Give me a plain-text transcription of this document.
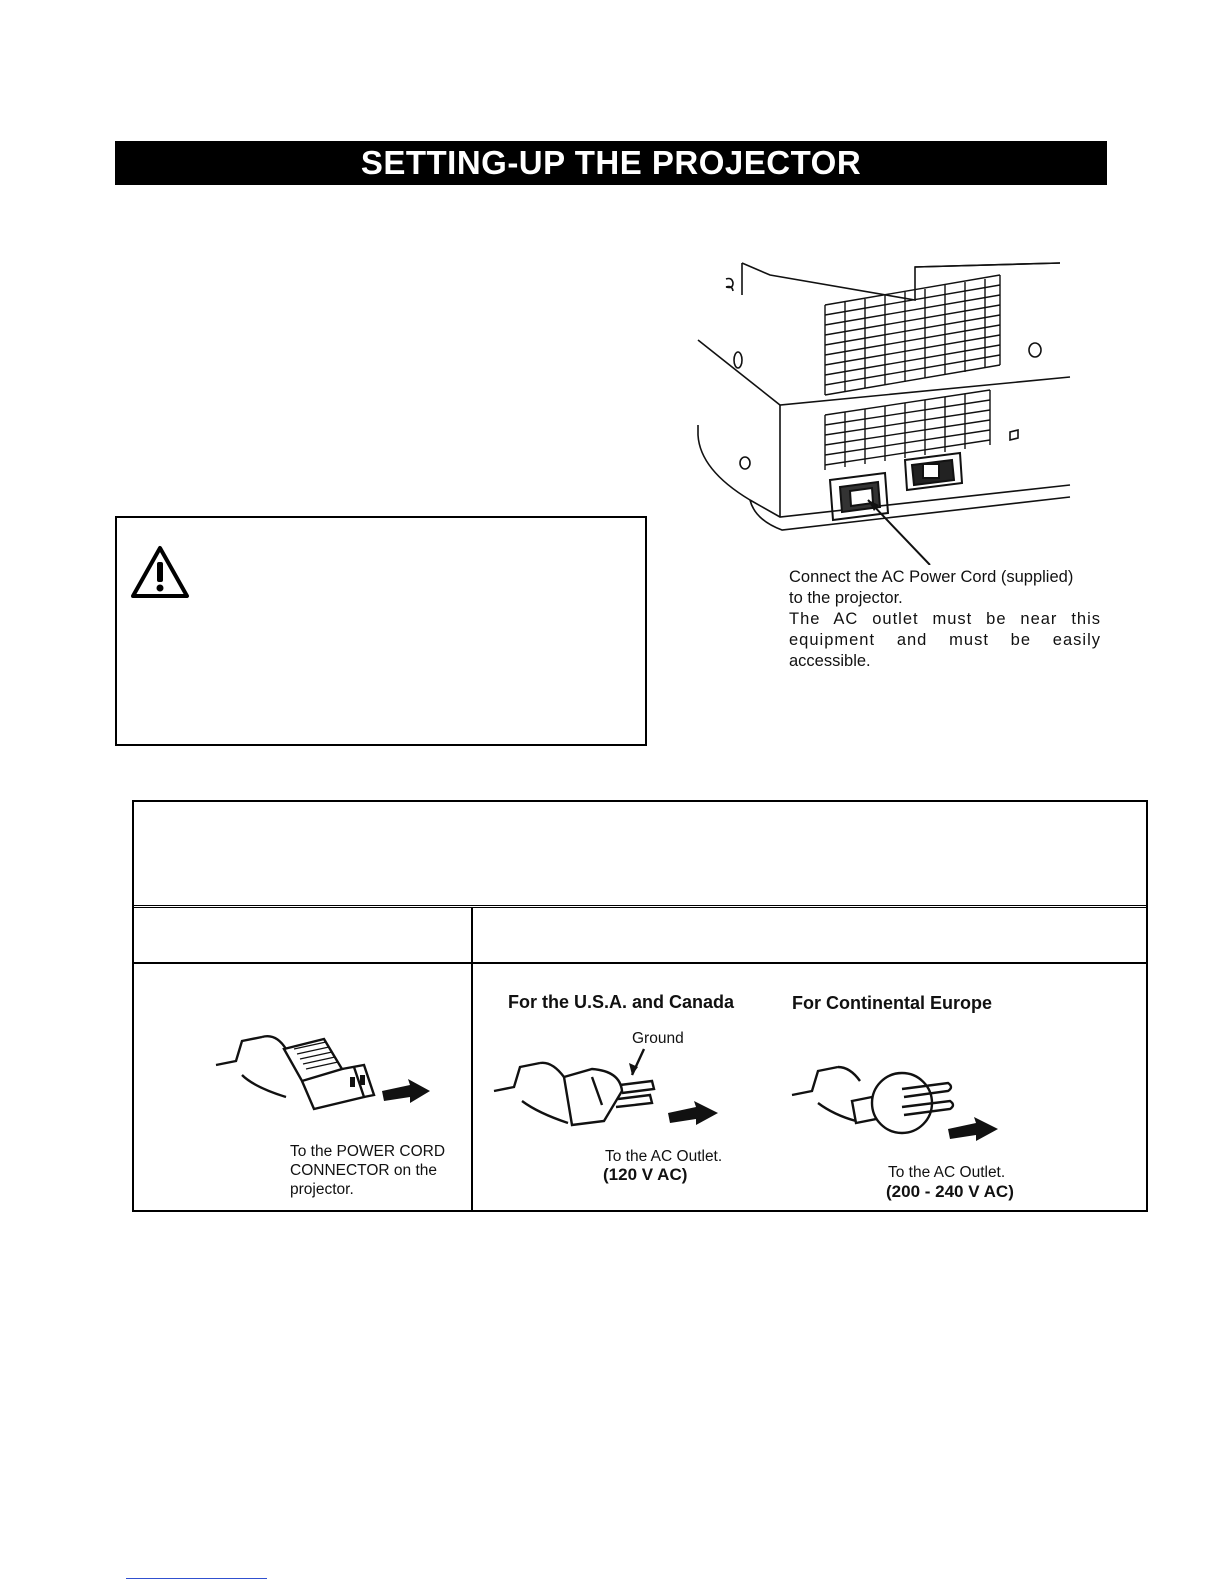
SETTING-UP THE PROJECTOR

Connect the AC Power Cord (supplied)

to the projector.

The AC outlet must be near this

equipment and must be easily

accessible.

To the POWER CORD
CONNECTOR on the
projector.
For the U.S.A. and Canada
Ground
To the AC Outlet.
(120 V AC)
For Continental Europe
To the AC Outlet.
(200 - 240 V AC)
